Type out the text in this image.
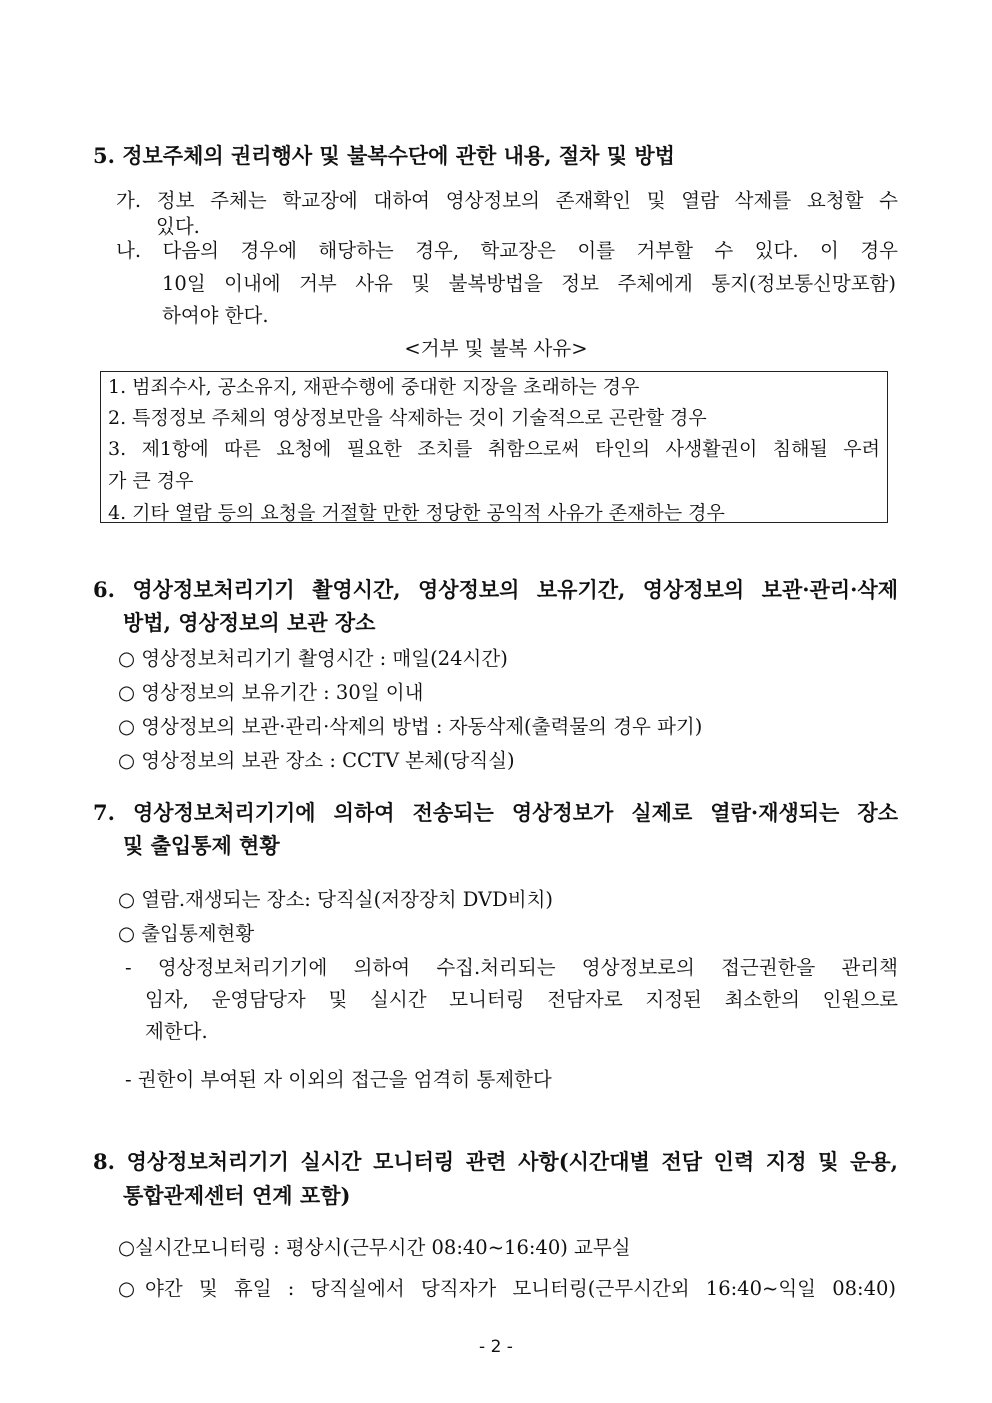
5. 정보주체의 권리행사 및 불복수단에 관한 내용, 절차 및 방법
가. 정보 주체는 학교장에 대하여 영상정보의 존재확인 및 열람 삭제를 요청할 수
있다.
나. 다음의 경우에 해당하는 경우, 학교장은 이를 거부할 수 있다. 이 경우
10일 이내에 거부 사유 및 불복방법을 정보 주체에게 통지(정보통신망포함)
하여야 한다.
<거부 및 불복 사유>
1. 범죄수사, 공소유지, 재판수행에 중대한 지장을 초래하는 경우
2. 특정정보 주체의 영상정보만을 삭제하는 것이 기술적으로 곤란할 경우
3. 제1항에 따른 요청에 필요한 조치를 취함으로써 타인의 사생활권이 침해될 우려
가 큰 경우
4. 기타 열람 등의 요청을 거절할 만한 정당한 공익적 사유가 존재하는 경우
6. 영상정보처리기기 촬영시간, 영상정보의 보유기간, 영상정보의 보관·관리·삭제
방법, 영상정보의 보관 장소
○ 영상정보처리기기 촬영시간 : 매일(24시간)
○ 영상정보의 보유기간 : 30일 이내
○ 영상정보의 보관·관리·삭제의 방법 : 자동삭제(출력물의 경우 파기)
○ 영상정보의 보관 장소 : CCTV 본체(당직실)
7. 영상정보처리기기에 의하여 전송되는 영상정보가 실제로 열람·재생되는 장소
및 출입통제 현황
○ 열람.재생되는 장소: 당직실(저장장치 DVD비치)
○ 출입통제현황
- 영상정보처리기기에 의하여 수집.처리되는 영상정보로의 접근권한을 관리책
임자, 운영담당자 및 실시간 모니터링 전담자로 지정된 최소한의 인원으로
제한다.
- 권한이 부여된 자 이외의 접근을 엄격히 통제한다
8. 영상정보처리기기 실시간 모니터링 관련 사항(시간대별 전담 인력 지정 및 운용,
통합관제센터 연계 포함)
○실시간모니터링 : 평상시(근무시간 08:40~16:40) 교무실
○야간 및 휴일 : 당직실에서 당직자가 모니터링(근무시간외 16:40~익일 08:40)
- 2 -
